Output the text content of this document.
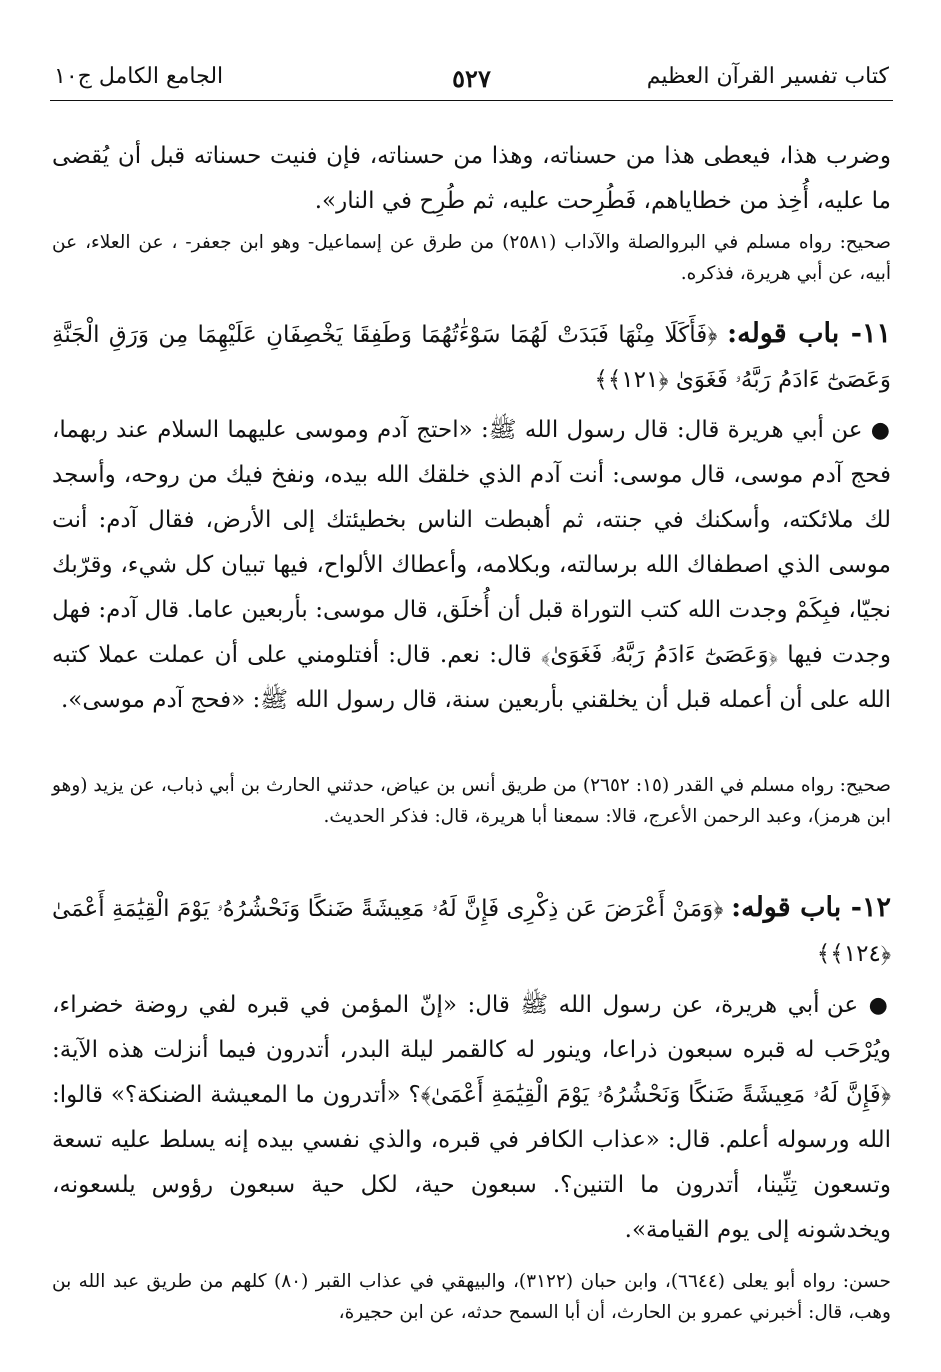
كتاب تفسير القرآن العظيم
٥٢٧
الجامع الكامل ج١٠
وضرب هذا، فيعطى هذا من حسناته، وهذا من حسناته، فإن فنيت حسناته قبل أن يُقضى ما عليه، أُخِذ من خطاياهم، فَطُرِحت عليه، ثم طُرِح في النار».
صحيح: رواه مسلم في البروالصلة والآداب (٢٥٨١) من طرق عن إسماعيل- وهو ابن جعفر- ، عن العلاء، عن أبيه، عن أبي هريرة، فذكره.
١١- باب قوله: ﴿فَأَكَلَا مِنْهَا فَبَدَتْ لَهُمَا سَوْءَٰتُهُمَا وَطَفِقَا يَخْصِفَانِ عَلَيْهِمَا مِن وَرَقِ الْجَنَّةِ وَعَصَىٰٓ ءَادَمُ رَبَّهُۥ فَغَوَىٰ ﴿١٢١﴾﴾
● عن أبي هريرة قال: قال رسول الله ﷺ: «احتج آدم وموسى عليهما السلام عند ربهما، فحج آدم موسى، قال موسى: أنت آدم الذي خلقك الله بيده، ونفخ فيك من روحه، وأسجد لك ملائكته، وأسكنك في جنته، ثم أهبطت الناس بخطيئتك إلى الأرض، فقال آدم: أنت موسى الذي اصطفاك الله برسالته، وبكلامه، وأعطاك الألواح، فيها تبيان كل شيء، وقرّبك نجيّا، فبِكَمْ وجدت الله كتب التوراة قبل أن أُخلَق، قال موسى: بأربعين عاما. قال آدم: فهل وجدت فيها ﴿وَعَصَىٰٓ ءَادَمُ رَبَّهُۥ فَغَوَىٰ﴾ قال: نعم. قال: أفتلومني على أن عملت عملا كتبه الله على أن أعمله قبل أن يخلقني بأربعين سنة، قال رسول الله ﷺ: «فحج آدم موسى».
صحيح: رواه مسلم في القدر (١٥: ٢٦٥٢) من طريق أنس بن عياض، حدثني الحارث بن أبي ذباب، عن يزيد (وهو ابن هرمز)، وعبد الرحمن الأعرج، قالا: سمعنا أبا هريرة، قال: فذكر الحديث.
١٢- باب قوله: ﴿وَمَنْ أَعْرَضَ عَن ذِكْرِى فَإِنَّ لَهُۥ مَعِيشَةً ضَنكًا وَنَحْشُرُهُۥ يَوْمَ الْقِيَٰمَةِ أَعْمَىٰ ﴿١٢٤﴾﴾
● عن أبي هريرة، عن رسول الله ﷺ قال: «إنّ المؤمن في قبره لفي روضة خضراء، ويُرْحَب له قبره سبعون ذراعا، وينور له كالقمر ليلة البدر، أتدرون فيما أنزلت هذه الآية: ﴿فَإِنَّ لَهُۥ مَعِيشَةً ضَنكًا وَنَحْشُرُهُۥ يَوْمَ الْقِيَٰمَةِ أَعْمَىٰ﴾؟ «أتدرون ما المعيشة الضنكة؟» قالوا: الله ورسوله أعلم. قال: «عذاب الكافر في قبره، والذي نفسي بيده إنه يسلط عليه تسعة وتسعون تِنِّينا، أتدرون ما التنين؟. سبعون حية، لكل حية سبعون رؤوس يلسعونه، ويخدشونه إلى يوم القيامة».
حسن: رواه أبو يعلى (٦٦٤٤)، وابن حبان (٣١٢٢)، والبيهقي في عذاب القبر (٨٠) كلهم من طريق عبد الله بن وهب، قال: أخبرني عمرو بن الحارث، أن أبا السمح حدثه، عن ابن حجيرة،
